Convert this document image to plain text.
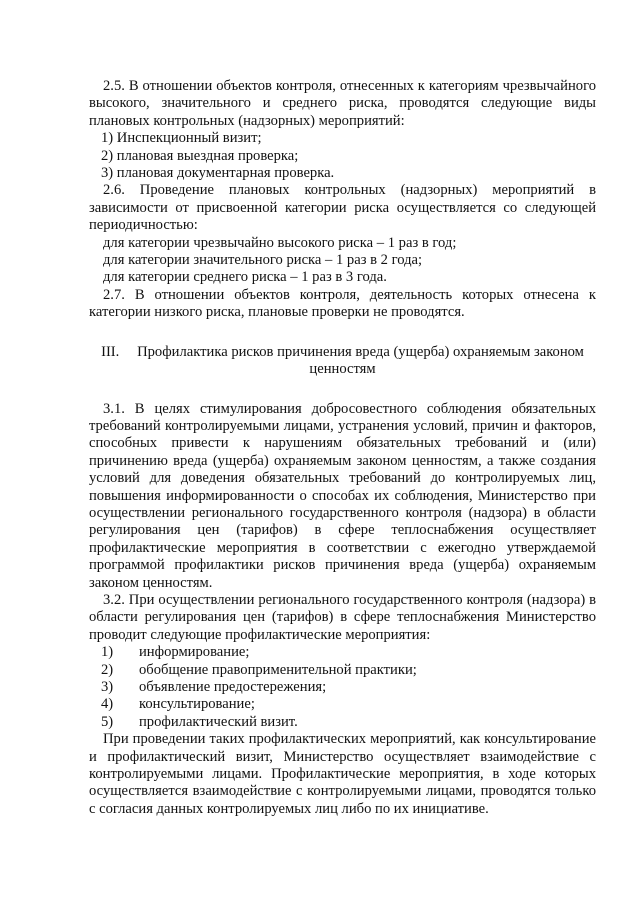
2.5. В отношении объектов контроля, отнесенных к категориям чрезвычайного высокого, значительного и среднего риска, проводятся следующие виды плановых контрольных (надзорных) мероприятий:

1) Инспекционный визит;
2) плановая выездная проверка;
3) плановая документарная проверка.

2.6. Проведение плановых контрольных (надзорных) мероприятий в зависимости от присвоенной категории риска осуществляется со следующей периодичностью:

для категории чрезвычайно высокого риска – 1 раз в год;
для категории значительного риска – 1 раз в 2 года;
для категории среднего риска – 1 раз в 3 года.

2.7. В отношении объектов контроля, деятельность которых отнесена к категории низкого риска, плановые проверки не проводятся.

III. Профилактика рисков причинения вреда (ущерба) охраняемым законом ценностям

3.1. В целях стимулирования добросовестного соблюдения обязательных требований контролируемыми лицами, устранения условий, причин и факторов, способных привести к нарушениям обязательных требований и (или) причинению вреда (ущерба) охраняемым законом ценностям, а также создания условий для доведения обязательных требований до контролируемых лиц, повышения информированности о способах их соблюдения, Министерство при осуществлении регионального государственного контроля (надзора) в области регулирования цен (тарифов) в сфере теплоснабжения осуществляет профилактические мероприятия в соответствии с ежегодно утверждаемой программой профилактики рисков причинения вреда (ущерба) охраняемым законом ценностям.

3.2. При осуществлении регионального государственного контроля (надзора) в области регулирования цен (тарифов) в сфере теплоснабжения Министерство проводит следующие профилактические мероприятия:

1)	информирование;
2)	обобщение правоприменительной практики;
3)	объявление предостережения;
4)	консультирование;
5)	профилактический визит.

При проведении таких профилактических мероприятий, как консультирование и профилактический визит, Министерство осуществляет взаимодействие с контролируемыми лицами. Профилактические мероприятия, в ходе которых осуществляется взаимодействие с контролируемыми лицами, проводятся только с согласия данных контролируемых лиц либо по их инициативе.
